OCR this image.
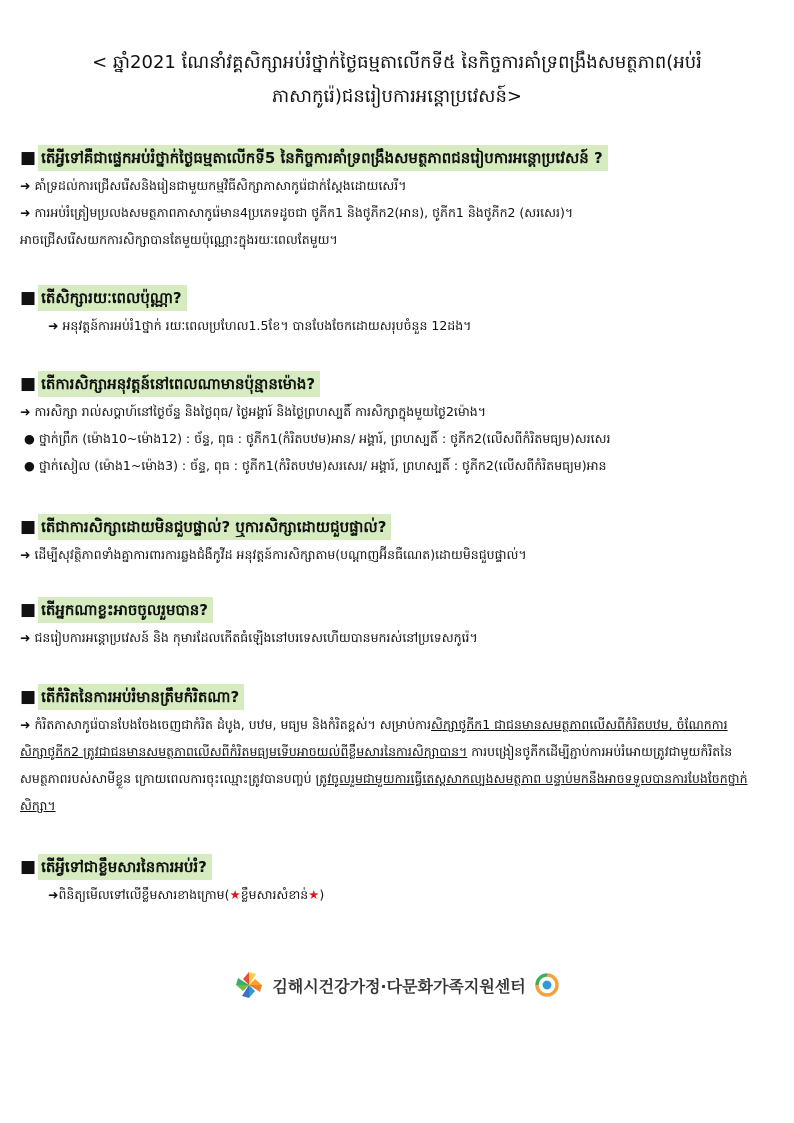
< ឆ្នាំ2021 ណែនាំវគ្គសិក្សាអប់រំថ្នាក់ថ្ងៃធម្មតាលើកទី៥ នៃកិច្ចការគាំទ្រពង្រឹងសមត្ថភាព(អប់រំ
ភាសាកូរ៉េ)ជនរៀបការអន្តោប្រវេសន៍>
■ តើអ្វីទៅគឺជាផ្ទេកអប់រំថ្នាក់ថ្ងៃធម្មតាលើកទី5 នៃកិច្ចការគាំទ្រពង្រឹងសមត្ថភាពជនរៀបការអន្តោប្រវេសន៍ ?

➜ គាំទ្រដល់ការជ្រើសរើសនិងរៀនជាមួយកម្មវិធីសិក្សាភាសាកូរ៉េជាក់ស្តែងដោយសេរី។

➜ ការអប់រំត្រៀមប្រលងសមត្ថភាពភាសាកូរ៉េមាន4ប្រភេទដូចជា ថូភីក1 និងថូភីក2(អាន), ថូភីក1 និងថូភីក2 (សរសេរ)។

អាចជ្រើសរើសយកការសិក្សាបានតែមួយប៉ុណ្ណោះក្នុងរយៈពេលតែមួយ។

■ តើសិក្សារយៈពេលប៉ុណ្ណា?

➜ អនុវត្តន៍ការអប់រំ1ថ្នាក់ រយៈពេលប្រហែល1.5ខែ។ បានបែងចែកដោយសរុបចំនួន 12ដង។

■ តើការសិក្សាអនុវត្តន៍នៅពេលណាមានប៉ុន្មានម៉ោង?

➜ ការសិក្សា រាល់សប្តាហ៍នៅថ្ងៃច័ន្ទ និងថ្ងៃពុធ/ ថ្ងៃអង្គារ៍ និងថ្ងៃព្រហស្បតិ៍ ការសិក្សាក្នុងមួយថ្ងៃ2ម៉ោង។

● ថ្នាក់ព្រឹក (ម៉ោង10~ម៉ោង12) : ច័ន្ទ, ពុធ : ថូភីក1(កំរិតបឋម)អាន/ អង្គារ៍, ព្រហស្បតិ៍ : ថូភីក2(លើសពីកំរិតមធ្យម)សរសេរ
● ថ្នាក់សៀល (ម៉ោង1~ម៉ោង3) : ច័ន្ទ, ពុធ : ថូភីក1(កំរិតបឋម)សរសេរ/ អង្គារ៍, ព្រហស្បតិ៍ : ថូភីក2(លើសពីកំរិតមធ្យម)អាន
■ តើជាការសិក្សាដោយមិនជួបផ្ទាល់? ឬការសិក្សាដោយជួបផ្ទាល់?

➜ ដើម្បីសុវត្ថិភាពទាំងគ្នាការពារការឆ្លងជំងឺកូវីដ អនុវត្តន៍ការសិក្សាតាម(បណ្តាញអ៊ីនធឺណេត)ដោយមិនជួបផ្ទាល់។

■ តើអ្នកណាខ្លះអាចចូលរួមបាន?

➜ ជនរៀបការអន្តោប្រវេសន៍ និង កុមារដែលកើតធំឡើងនៅបរទេសហើយបានមករស់នៅប្រទេសកូរ៉េ។

■ តើកំរិតនៃការអប់រំមានត្រឹមកំរិតណា?

➜ កំរិតភាសាកូរ៉េបានបែងចែងចេញជាកំរិត ដំបូង, បឋម, មធ្យម និងកំរិតខ្ពស់។ សម្រាប់ការសិក្សាថូភីក1 ជាជនមានសមត្ថភាពលើសពីកំរិតបឋម, ចំណែកការសិក្សាថូភីក2 ត្រូវជាជនមានសមត្ថភាពលើសពីកំរិតមធ្យមទើបអាចយល់ពីខ្លឹមសារនៃការសិក្សាបាន។ ការបង្រៀនថូភីកដើម្បីភ្ជាប់ការអប់រំអោយត្រូវជាមួយកំរិតនៃសមត្ថភាពរបស់សាមីខ្លួន ក្រោយពេលការចុះឈ្មោះត្រូវបានបញ្ចប់ ត្រូវចូលរួមជាមួយការធ្វើតេស្តសាកល្បងសមត្ថភាព បន្ទាប់មកនឹងអាចទទួលបានការបែងចែកថ្នាក់សិក្សា។

■ តើអ្វីទៅជាខ្លឹមសារនៃការអប់រំ?

➜ពិនិត្យមើលទៅលើខ្លឹមសារខាងក្រោម(★ខ្លឹមសារសំខាន់★)

김해시건강가정·다문화가족지원센터
